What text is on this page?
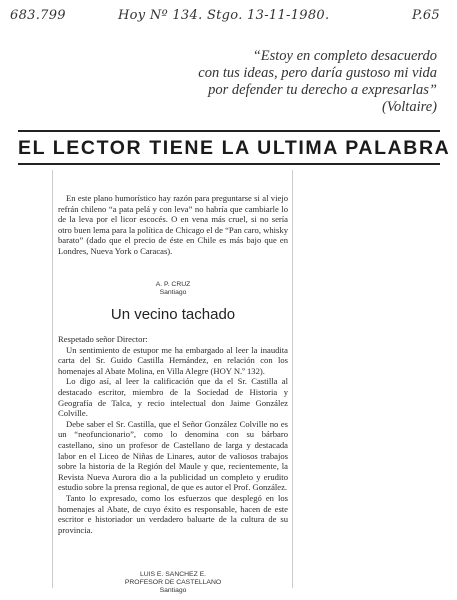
683.799	Hoy Nº 134. Stgo. 13-11-1980.	P.65
“Estoy en completo desacuerdo
con tus ideas, pero daría gustoso mi vida
por defender tu derecho a expresarlas”
(Voltaire)
EL LECTOR TIENE LA ULTIMA PALABRA

En este plano humorístico hay razón para preguntarse si al viejo refrán chileno “a pata pelá y con leva” no habría que cambiarle lo de la leva por el licor escocés. O en vena más cruel, si no sería otro buen lema para la política de Chicago el de “Pan caro, whisky barato” (dado que el precio de éste en Chile es más bajo que en Londres, Nueva York o Caracas).

A. P. CRUZ
Santiago
Un vecino tachado

Respetado señor Director:

Un sentimiento de estupor me ha embargado al leer la inaudita carta del Sr. Guido Castilla Hernández, en relación con los homenajes al Abate Molina, en Villa Alegre (HOY N.º 132).

Lo digo así, al leer la calificación que da el Sr. Castilla al destacado escritor, miembro de la Sociedad de Historia y Geografía de Talca, y recio intelectual don Jaime González Colville.

Debe saber el Sr. Castilla, que el Señor González Colville no es un “neofuncionario”, como lo denomina con su bárbaro castellano, sino un profesor de Castellano de larga y destacada labor en el Liceo de Niñas de Linares, autor de valiosos trabajos sobre la historia de la Región del Maule y que, recientemente, la Revista Nueva Aurora dio a la publicidad un completo y erudito estudio sobre la prensa regional, de que es autor el Prof. González.

Tanto lo expresado, como los esfuerzos que desplegó en los homenajes al Abate, de cuyo éxito es responsable, hacen de este escritor e historiador un verdadero baluarte de la cultura de su provincia.

LUIS E. SANCHEZ E.
PROFESOR DE CASTELLANO
Santiago
